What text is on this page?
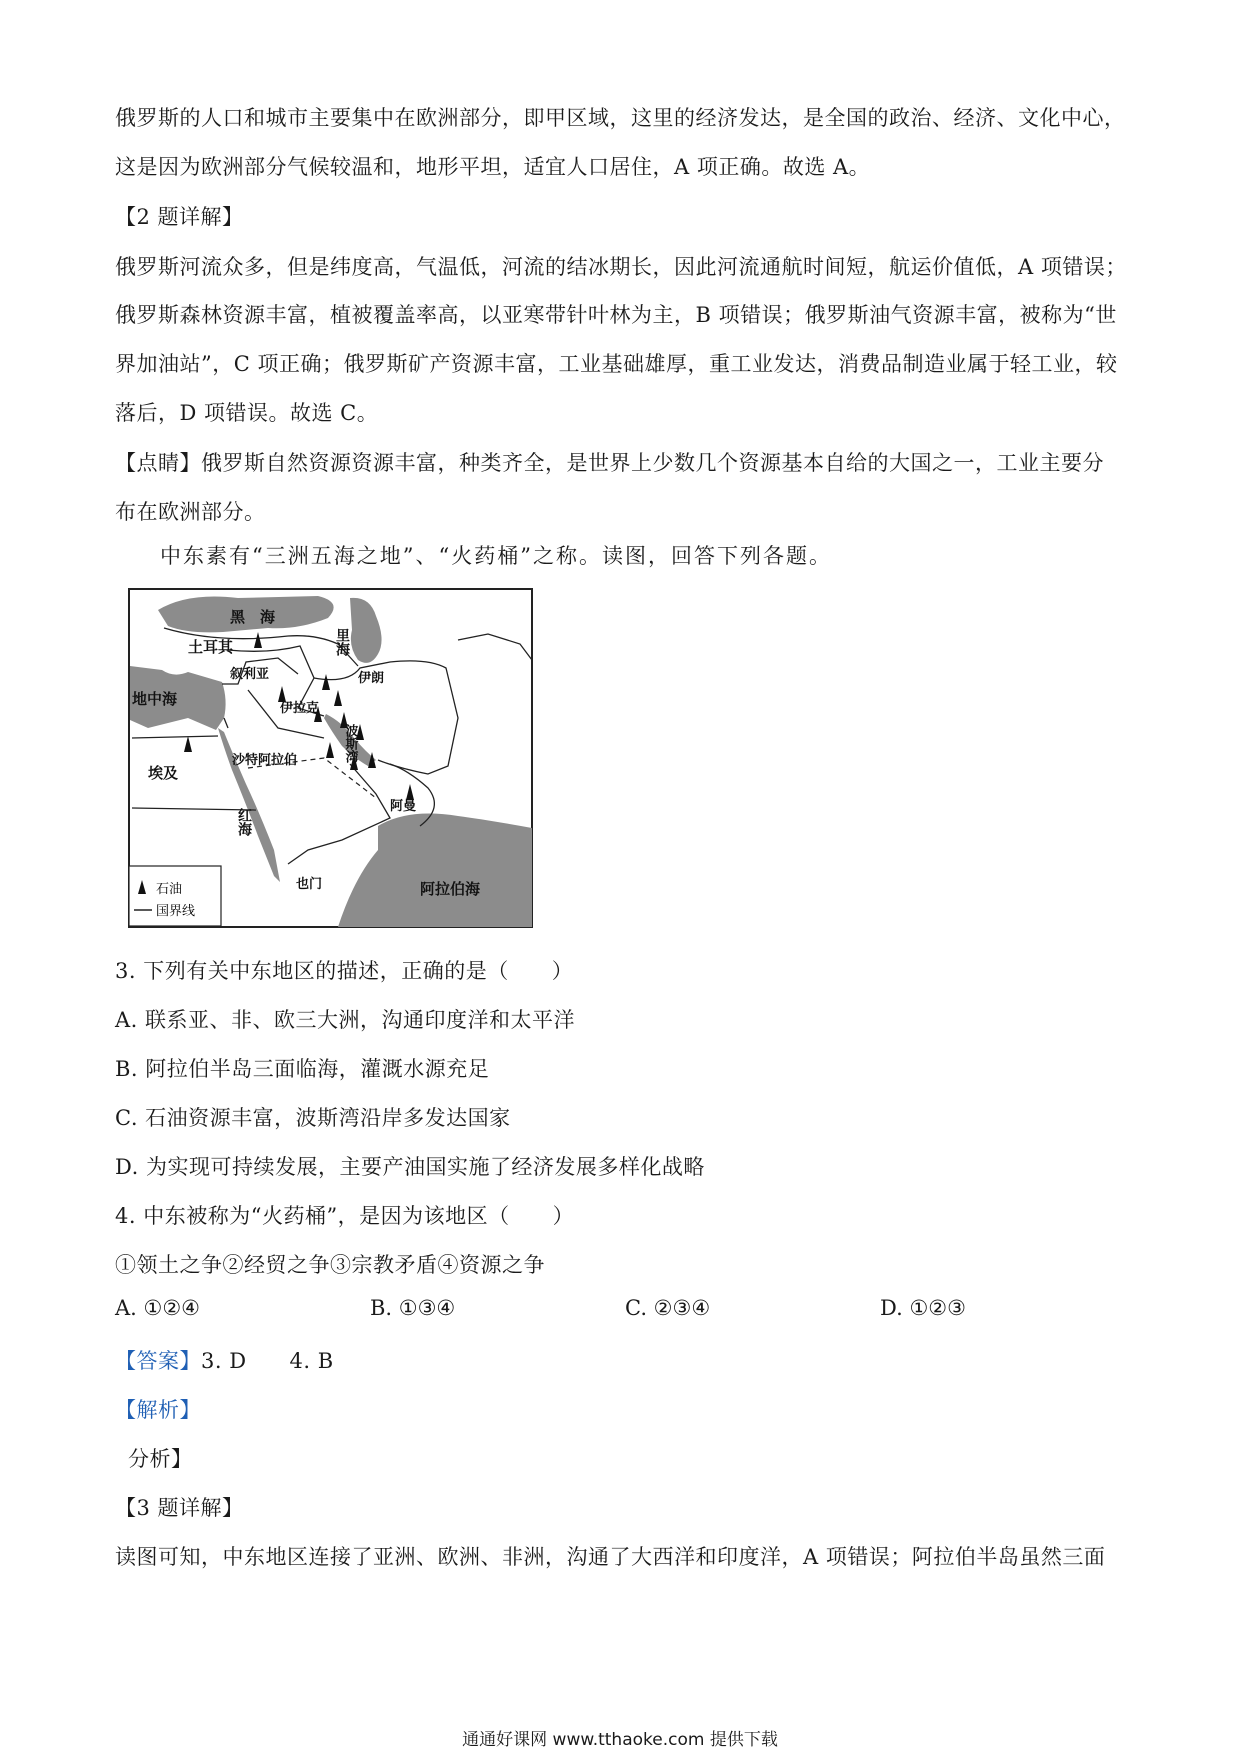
俄罗斯的人口和城市主要集中在欧洲部分，即甲区域，这里的经济发达，是全国的政治、经济、文化中心，
这是因为欧洲部分气候较温和，地形平坦，适宜人口居住，A 项正确。故选 A。
【2 题详解】
俄罗斯河流众多，但是纬度高，气温低，河流的结冰期长，因此河流通航时间短，航运价值低，A 项错误；
俄罗斯森林资源丰富，植被覆盖率高，以亚寒带针叶林为主，B 项错误；俄罗斯油气资源丰富，被称为“世
界加油站”，C 项正确；俄罗斯矿产资源丰富，工业基础雄厚，重工业发达，消费品制造业属于轻工业，较
落后，D 项错误。故选 C。
【点睛】俄罗斯自然资源资源丰富，种类齐全，是世界上少数几个资源基本自给的大国之一，工业主要分
布在欧洲部分。
中东素有“三洲五海之地”、“火药桶”之称。读图，回答下列各题。
黑　海
土耳其
叙利亚
地中海
伊拉克
伊朗
沙特阿拉伯
埃及
阿曼
也门	阿拉伯海
里海
红海
波斯湾
石油
国界线
3. 下列有关中东地区的描述，正确的是（　　）
A. 联系亚、非、欧三大洲，沟通印度洋和太平洋
B. 阿拉伯半岛三面临海，灌溉水源充足
C. 石油资源丰富，波斯湾沿岸多发达国家
D. 为实现可持续发展，主要产油国实施了经济发展多样化战略
4. 中东被称为“火药桶”，是因为该地区（　　）
①领土之争②经贸之争③宗教矛盾④资源之争
A. ①②④	B. ①③④	C. ②③④	D. ①②③
【答案】3. D　　4. B
【解析】
分析】
【3 题详解】
读图可知，中东地区连接了亚洲、欧洲、非洲，沟通了大西洋和印度洋，A 项错误；阿拉伯半岛虽然三面
通通好课网 www.tthaoke.com 提供下载
